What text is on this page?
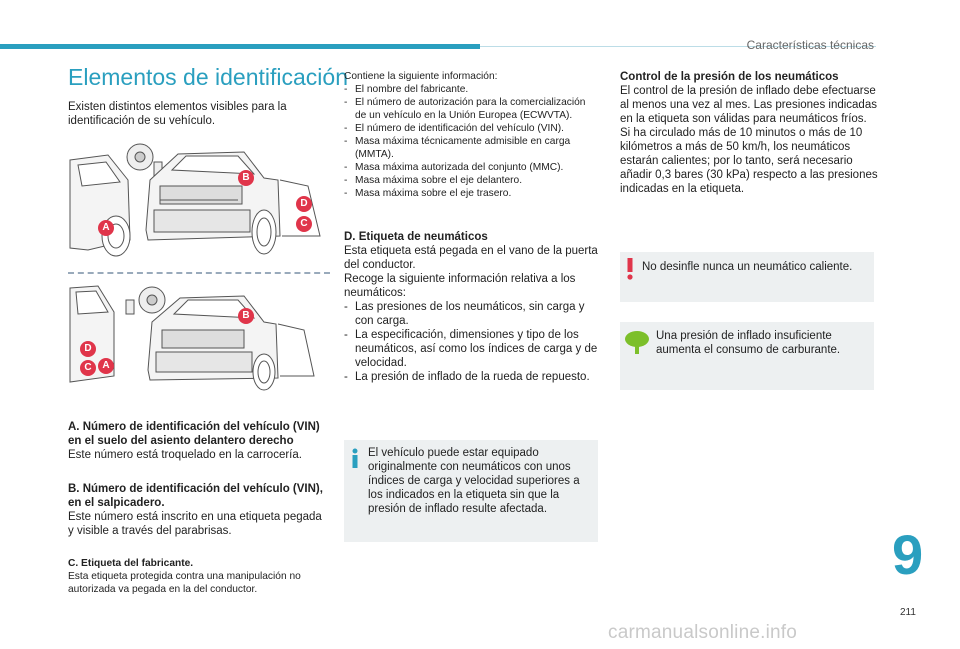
Características técnicas
Elementos de identificación
Existen distintos elementos visibles para la identificación de su vehículo.
B
D
C
A
B
D
C	A
A. Número de identificación del vehículo (VIN) en el suelo del asiento delantero derecho
Este número está troquelado en la carrocería.
B. Número de identificación del vehículo (VIN), en el salpicadero.
Este número está inscrito en una etiqueta pegada y visible a través del parabrisas.
C. Etiqueta del fabricante.
Esta etiqueta protegida contra una manipulación no autorizada va pegada en la del conductor.
Contiene la siguiente información:
- El nombre del fabricante.
- El número de autorización para la comercialización de un vehículo en la Unión Europea (ECWVTA).
- El número de identificación del vehículo (VIN).
- Masa máxima técnicamente admisible en carga (MMTA).
- Masa máxima autorizada del conjunto (MMC).
- Masa máxima sobre el eje delantero.
- Masa máxima sobre el eje trasero.
D. Etiqueta de neumáticos
Esta etiqueta está pegada en el vano de la puerta del conductor.
Recoge la siguiente información relativa a los neumáticos:
- Las presiones de los neumáticos, sin carga y con carga.
- La especificación, dimensiones y tipo de los neumáticos, así como los índices de carga y de velocidad.
- La presión de inflado de la rueda de repuesto.
El vehículo puede estar equipado originalmente con neumáticos con unos índices de carga y velocidad superiores a los indicados en la etiqueta sin que la presión de inflado resulte afectada.
Control de la presión de los neumáticos
El control de la presión de inflado debe efectuarse al menos una vez al mes. Las presiones indicadas en la etiqueta son válidas para neumáticos fríos. Si ha circulado más de 10 minutos o más de 10 kilómetros a más de 50 km/h, los neumáticos estarán calientes; por lo tanto, será necesario añadir 0,3 bares (30 kPa) respecto a las presiones indicadas en la etiqueta.
No desinfle nunca un neumático caliente.
Una presión de inflado insuficiente aumenta el consumo de carburante.
9
211
carmanualsonline.info
